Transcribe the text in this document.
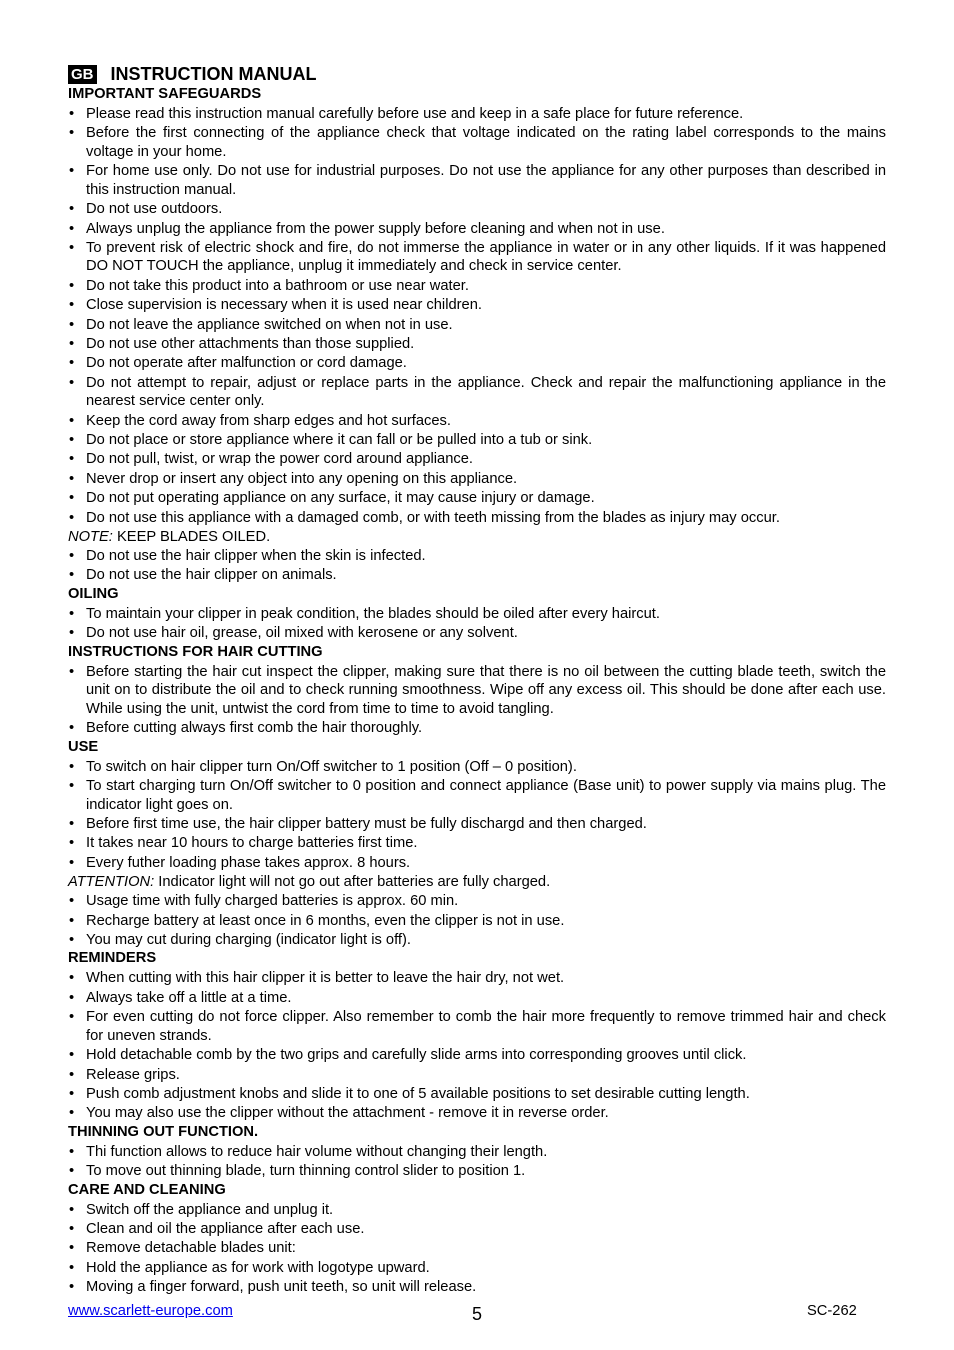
GB INSTRUCTION MANUAL
IMPORTANT SAFEGUARDS
• Please read this instruction manual carefully before use and keep in a safe place for future reference.
• Before the first connecting of the appliance check that voltage indicated on the rating label corresponds to the mains voltage in your home.
• For home use only. Do not use for industrial purposes. Do not use the appliance for any other purposes than described in this instruction manual.
• Do not use outdoors.
• Always unplug the appliance from the power supply before cleaning and when not in use.
• To prevent risk of electric shock and fire, do not immerse the appliance in water or in any other liquids. If it was happened DO NOT TOUCH the appliance, unplug it immediately and check in service center.
• Do not take this product into a bathroom or use near water.
• Close supervision is necessary when it is used near children.
• Do not leave the appliance switched on when not in use.
• Do not use other attachments than those supplied.
• Do not operate after malfunction or cord damage.
• Do not attempt to repair, adjust or replace parts in the appliance. Check and repair the malfunctioning appliance in the nearest service center only.
• Keep the cord away from sharp edges and hot surfaces.
• Do not place or store appliance where it can fall or be pulled into a tub or sink.
• Do not pull, twist, or wrap the power cord around appliance.
• Never drop or insert any object into any opening on this appliance.
• Do not put operating appliance on any surface, it may cause injury or damage.
• Do not use this appliance with a damaged comb, or with teeth missing from the blades as injury may occur.
NOTE: KEEP BLADES OILED.
• Do not use the hair clipper when the skin is infected.
• Do not use the hair clipper on animals.
OILING
• To maintain your clipper in peak condition, the blades should be oiled after every haircut.
• Do not use hair oil, grease, oil mixed with kerosene or any solvent.
INSTRUCTIONS FOR HAIR CUTTING
• Before starting the hair cut inspect the clipper, making sure that there is no oil between the cutting blade teeth, switch the unit on to distribute the oil and to check running smoothness. Wipe off any excess oil. This should be done after each use. While using the unit, untwist the cord from time to time to avoid tangling.
• Before cutting always first comb the hair thoroughly.
USE
• To switch on hair clipper turn On/Off switcher to 1 position (Off – 0 position).
• To start charging turn On/Off switcher to 0 position and connect appliance (Base unit) to power supply via mains plug. The indicator light goes on.
• Before first time use, the hair clipper battery must be fully dischargd and then charged.
• It takes near 10 hours to charge batteries first time.
• Every futher loading phase takes approx. 8 hours.
ATTENTION: Indicator light will not go out after batteries are fully charged.
• Usage time with fully charged batteries is approx. 60 min.
• Recharge battery at least once in 6 months, even the clipper is not in use.
• You may cut during charging (indicator light is off).
REMINDERS
• When cutting with this hair clipper it is better to leave the hair dry, not wet.
• Always take off a little at a time.
• For even cutting do not force clipper. Also remember to comb the hair more frequently to remove trimmed hair and check for uneven strands.
• Hold detachable comb by the two grips and carefully slide arms into corresponding grooves until click.
• Release grips.
• Push comb adjustment knobs and slide it to one of 5 available positions to set desirable cutting length.
• You may also use the clipper without the attachment - remove it in reverse order.
THINNING OUT FUNCTION.
• Thi function allows to reduce hair volume without changing their length.
• To move out thinning blade, turn thinning control slider to position 1.
CARE AND CLEANING
• Switch off the appliance and unplug it.
• Clean and oil the appliance after each use.
• Remove detachable blades unit:
• Hold the appliance as for work with logotype upward.
• Moving a finger forward, push unit teeth, so unit will release.
www.scarlett-europe.com	5	SC-262
